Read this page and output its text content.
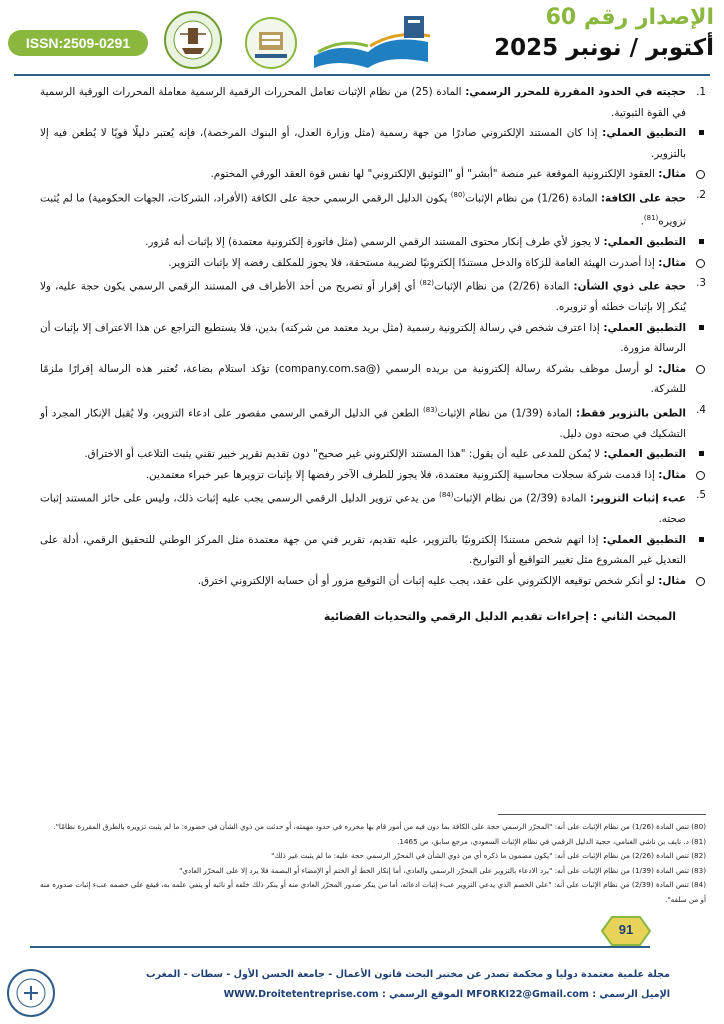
ISSN:2509-0291
الإصدار رقم 60
أكتوبر / نونبر 2025

1.
حجيته في الحدود المقررة للمحرر الرسمي: المادة (25) من نظام الإثبات تعامل المحررات الرقمية الرسمية معاملة المحررات الورقية الرسمية في القوة الثبوتية.

التطبيق العملي: إذا كان المستند الإلكتروني صادرًا من جهة رسمية (مثل وزارة العدل، أو البنوك المرخصة)، فإنه يُعتبر دليلًا قويًا لا يُطعن فيه إلا بالتزوير.

مثال: العقود الإلكترونية الموقعة عبر منصة "أبشر" أو "التوثيق الإلكتروني" لها نفس قوة العقد الورقي المختوم.

2.
حجة على الكافة: المادة (1/26) من نظام الإثبات$^{(80)}$ يكون الدليل الرقمي الرسمي حجة على الكافة (الأفراد، الشركات، الجهات الحكومية) ما لم يُثبت تزويره$^{(81)}$.

التطبيق العملي: لا يجوز لأي طرف إنكار محتوى المستند الرقمي الرسمي (مثل فاتورة إلكترونية معتمدة) إلا بإثبات أنه مُزور.

مثال: إذا أصدرت الهيئة العامة للزكاة والدخل مستندًا إلكترونيًا لضريبة مستحقة، فلا يجوز للمكلف رفضه إلا بإثبات التزوير.

3.
حجة على ذوي الشأن: المادة (2/26) من نظام الإثبات$^{(82)}$ أي إقرار أو تصريح من أحد الأطراف في المستند الرقمي الرسمي يكون حجة عليه، ولا يُنكر إلا بإثبات خطئه أو تزويره.

التطبيق العملي: إذا اعترف شخص في رسالة إلكترونية رسمية (مثل بريد معتمد من شركته) بدين، فلا يستطيع التراجع عن هذا الاعتراف إلا بإثبات أن الرسالة مزورة.

مثال: لو أرسل موظف بشركة رسالة إلكترونية من بريده الرسمي (@company.com.sa) تؤكد استلام بضاعة، تُعتبر هذه الرسالة إقرارًا ملزمًا للشركة.

4.
الطعن بالتزوير فقط: المادة (1/39) من نظام الإثبات$^{(83)}$ الطعن في الدليل الرقمي الرسمي مقصور على ادعاء التزوير، ولا يُقبل الإنكار المجرد أو التشكيك في صحته دون دليل.

التطبيق العملي: لا يُمكن للمدعى عليه أن يقول: "هذا المستند الإلكتروني غير صحيح" دون تقديم تقرير خبير تقني يثبت التلاعب أو الاختراق.

مثال: إذا قدمت شركة سجلات محاسبية إلكترونية معتمدة، فلا يجوز للطرف الآخر رفضها إلا بإثبات تزويرها عبر خبراء معتمدين.

5.
عبء إثبات التزوير: المادة (2/39) من نظام الإثبات$^{(84)}$ من يدعي تزوير الدليل الرقمي الرسمي يجب عليه إثبات ذلك، وليس على حائز المستند إثبات صحته.

التطبيق العملي: إذا اتهم شخص مستندًا إلكترونيًا بالتزوير، عليه تقديم، تقرير فني من جهة معتمدة مثل المركز الوطني للتحقيق الرقمي، أدلة على التعديل غير المشروع مثل تغيير التواقيع أو التواريخ.

مثال: لو أنكر شخص توقيعه الإلكتروني على عقد، يجب عليه إثبات أن التوقيع مزور أو أن حسابه الإلكتروني اخترق.

المبحث الثاني : إجراءات تقديم الدليل الرقمي والتحديات القضائية

(80) تنص المادة (1/26) من نظام الإثبات على أنه: "المحرّر الرسمي حجة على الكافة بما دون فيه من أمور قام بها محرره في حدود مهمته، أو حدثت من ذوي الشأن في حضوره: ما لم يثبت تزويره بالطرق المقررة نظامًا".

(81) د. نايف بن ناشي الغنامي، حجية الدليل الرقمي في نظام الإثبات السعودي، مرجع سابق، ص 1465.

(82) تنص المادة (2/26) من نظام الإثبات على أنه: "يكون مضمون ما ذكره أي من ذوي الشأن في المحرّر الرسمي حجة عليه: ما لم يثبت غير ذلك"

(83) تنص المادة (1/39) من نظام الإثبات على أنه: "يرد الادعاء بالتزوير على المحرّر الرسمي والعادي، أما إنكار الخط أو الختم أو الإمضاء أو البصمة فلا يرد إلا على المحرّر العادي"

(84) تنص المادة (2/39) من نظام الإثبات على أنه: "على الخصم الذي يدعي التزوير عبء إثبات ادعائه، أما من ينكر صدور المحرّر العادي منه أو ينكر ذلك خلفه أو نائبه أو ينفي علمه به، فيقع على خصمه عبء إثبات صدوره منه أو من سلفه".

91
مجلة علمية معتمدة دوليا و محكمة تصدر عن مختبر البحث قانون الأعمال - جامعة الحسن الأول - سطات - المغرب
الإميل الرسمي : MFORKI22@Gmail.com الموقع الرسمي : WWW.Droitetentreprise.com
